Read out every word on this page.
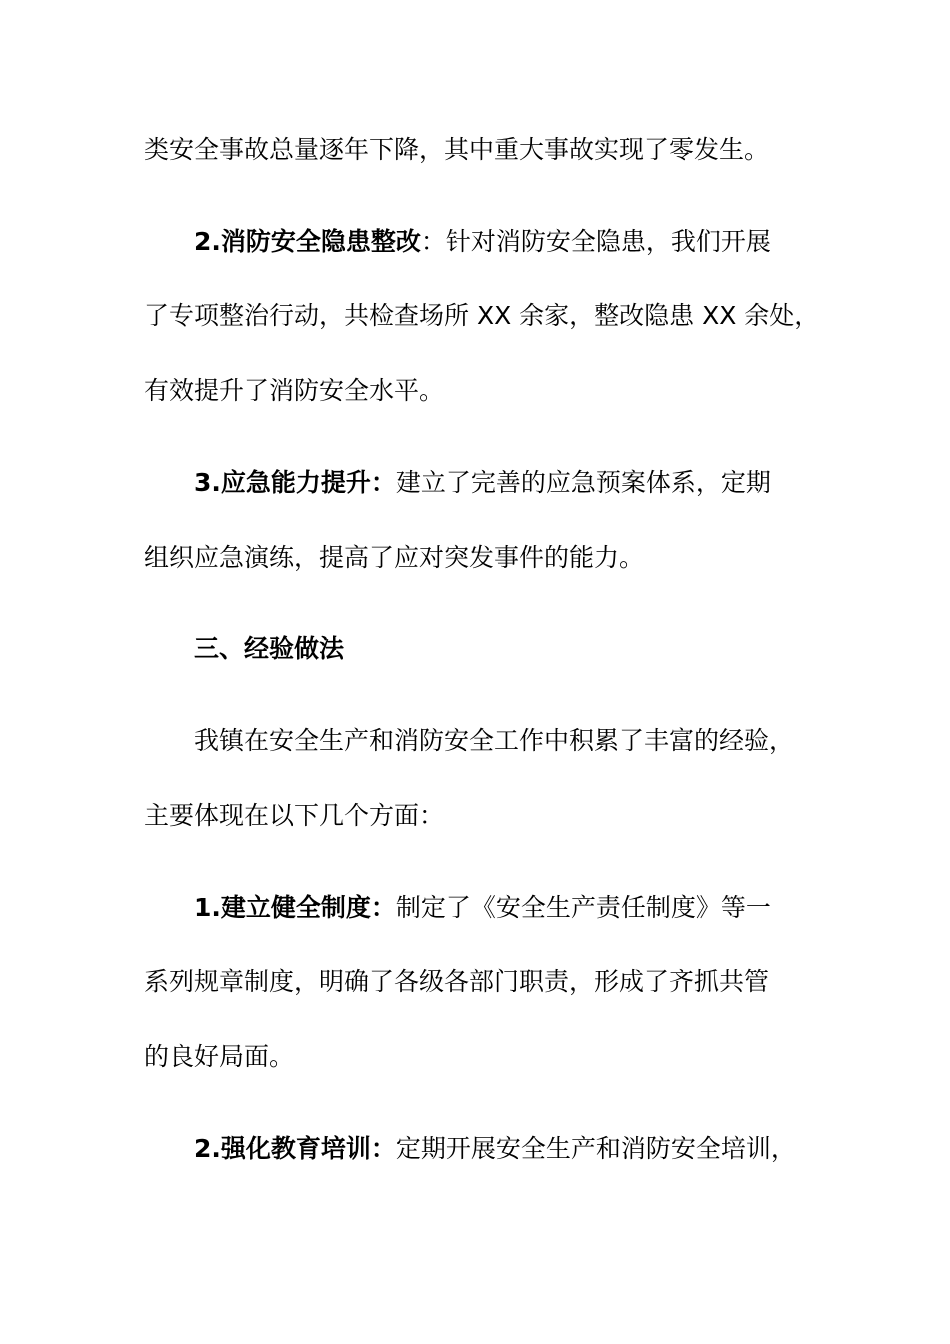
类安全事故总量逐年下降，其中重大事故实现了零发生。

2.消防安全隐患整改：针对消防安全隐患，我们开展

了专项整治行动，共检查场所 XX 余家，整改隐患 XX 余处，

有效提升了消防安全水平。

3.应急能力提升：建立了完善的应急预案体系，定期

组织应急演练，提高了应对突发事件的能力。

三、经验做法

我镇在安全生产和消防安全工作中积累了丰富的经验，

主要体现在以下几个方面：

1.建立健全制度：制定了《安全生产责任制度》等一

系列规章制度，明确了各级各部门职责，形成了齐抓共管

的良好局面。

2.强化教育培训：定期开展安全生产和消防安全培训，
